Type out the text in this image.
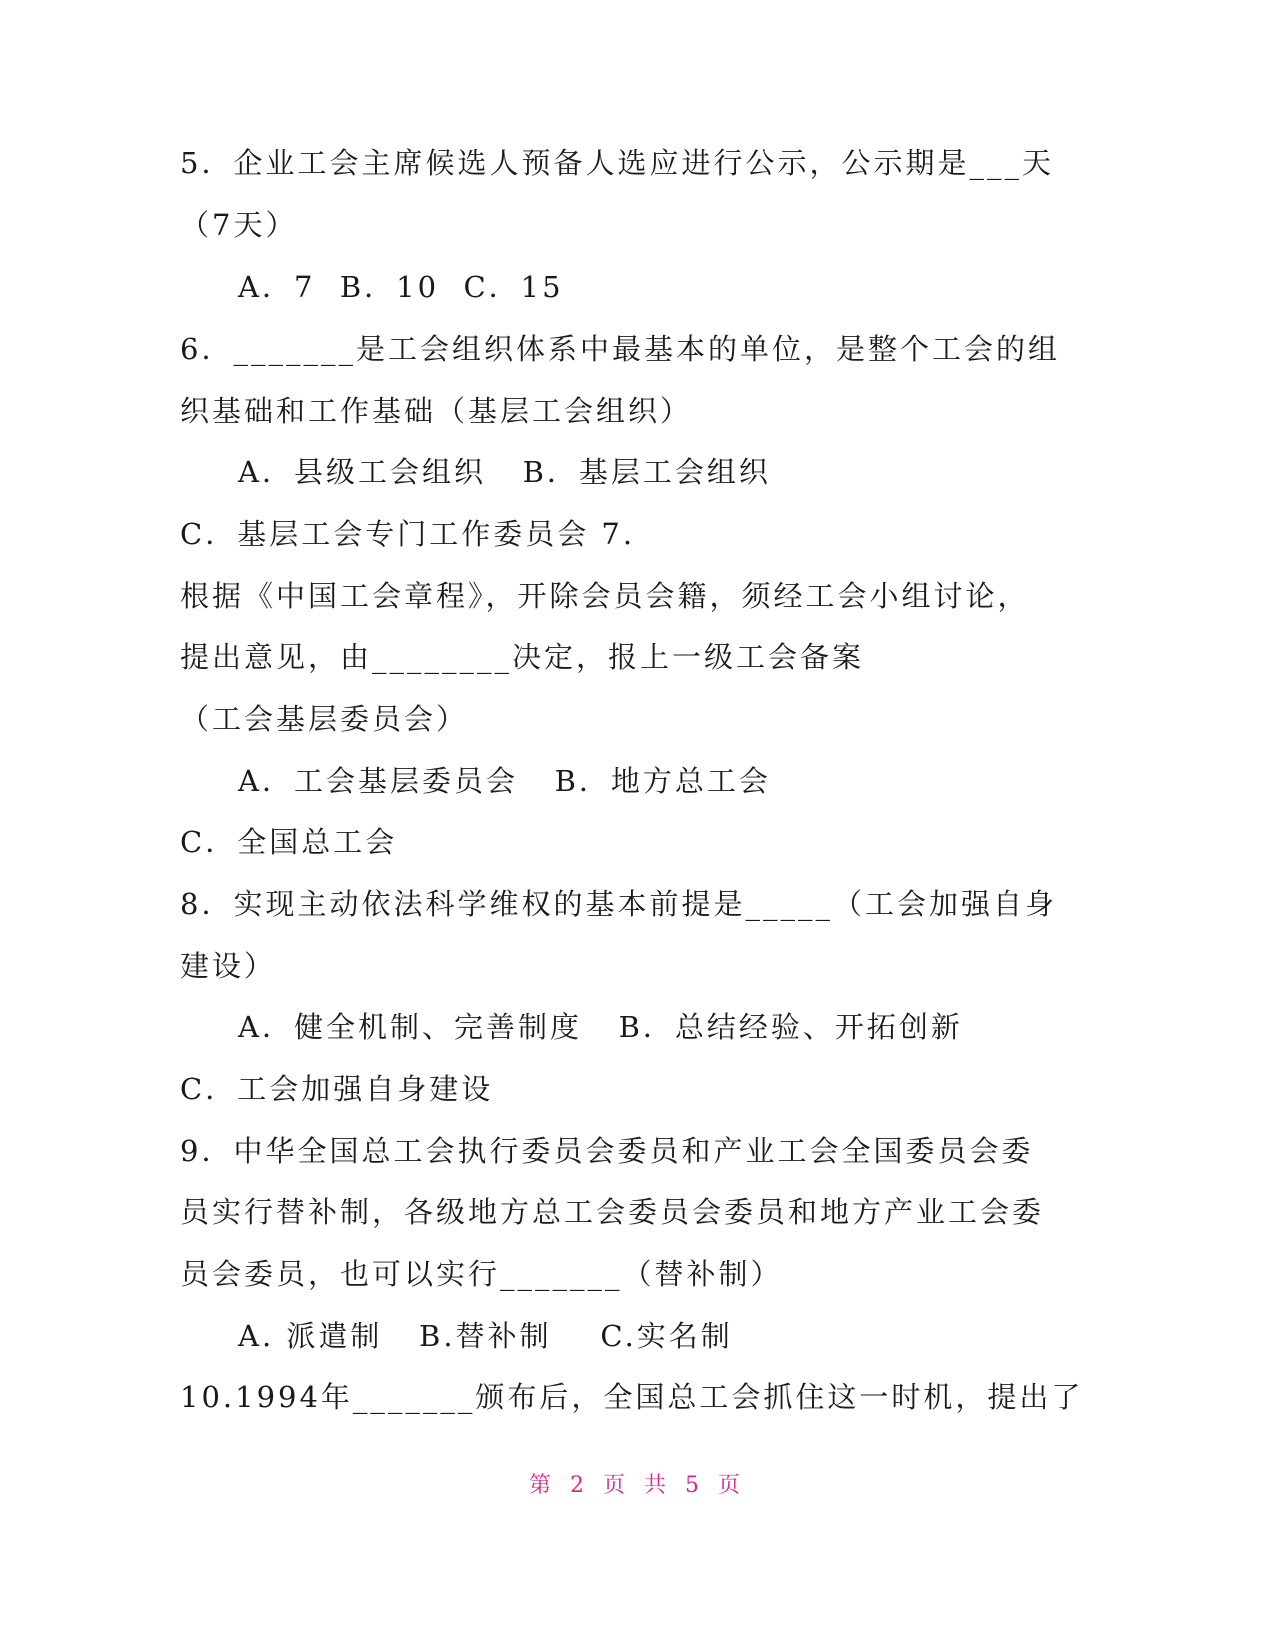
5．企业工会主席候选人预备人选应进行公示，公示期是___天

（7天）

A．7  B．10  C．15

6．_______是工会组织体系中最基本的单位，是整个工会的组

织基础和工作基础（基层工会组织）

A．县级工会组织   B．基层工会组织

C．基层工会专门工作委员会 7.

根据《中国工会章程》，开除会员会籍，须经工会小组讨论，

提出意见，由________决定，报上一级工会备案

（工会基层委员会）

A．工会基层委员会   B．地方总工会

C．全国总工会

8．实现主动依法科学维权的基本前提是_____（工会加强自身

建设）

A．健全机制、完善制度   B．总结经验、开拓创新

C．工会加强自身建设

9．中华全国总工会执行委员会委员和产业工会全国委员会委

员实行替补制，各级地方总工会委员会委员和地方产业工会委

员会委员，也可以实行_______（替补制）

A. 派遣制   B.替补制    C.实名制

10.1994年_______颁布后，全国总工会抓住这一时机，提出了

第 2 页 共 5 页
